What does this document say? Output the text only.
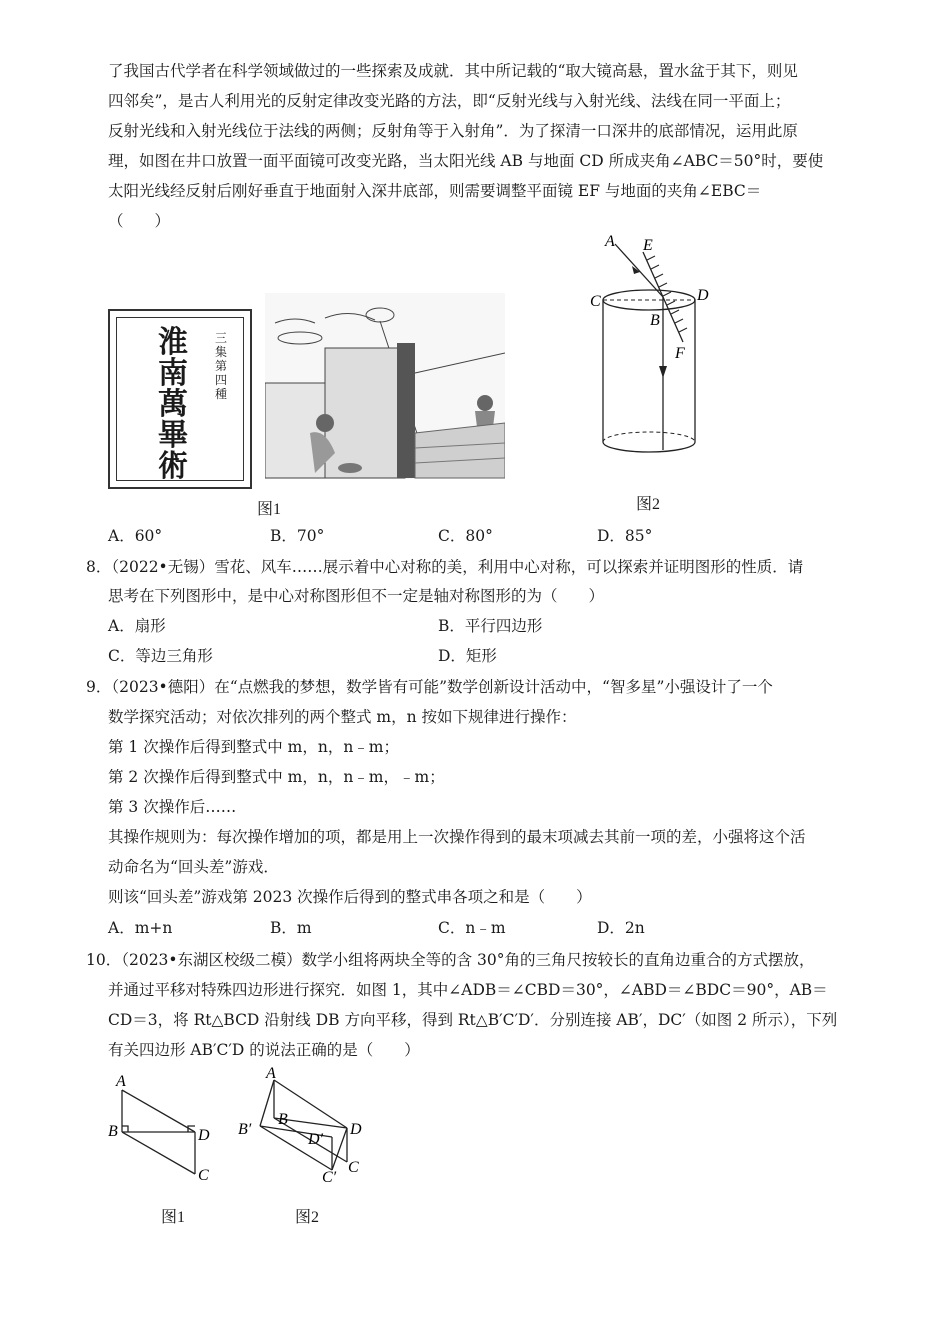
了我国古代学者在科学领域做过的一些探索及成就．其中所记载的“取大镜高悬，置水盆于其下，则见
四邻矣”，是古人利用光的反射定律改变光路的方法，即“反射光线与入射光线、法线在同一平面上；
反射光线和入射光线位于法线的两侧；反射角等于入射角”．为了探清一口深井的底部情况，运用此原
理，如图在井口放置一面平面镜可改变光路，当太阳光线 AB 与地面 CD 所成夹角∠ABC＝50°时，要使
太阳光线经反射后刚好垂直于地面射入深井底部，则需要调整平面镜 EF 与地面的夹角∠EBC＝
（　　）
淮
南
萬
畢
術
三集第四種
图1
A E
C	D
B
F
图2
A．60°	B．70°	C．80°	D．85°
8．（2022•无锡）雪花、风车……展示着中心对称的美，利用中心对称，可以探索并证明图形的性质．请
思考在下列图形中，是中心对称图形但不一定是轴对称图形的为（　　）
A．扇形	B．平行四边形
C．等边三角形	D．矩形
9．（2023•德阳）在“点燃我的梦想，数学皆有可能”数学创新设计活动中，“智多星”小强设计了一个
数学探究活动；对依次排列的两个整式 m，n 按如下规律进行操作：
第 1 次操作后得到整式中 m，n，n﹣m；
第 2 次操作后得到整式中 m，n，n﹣m，﹣m；
第 3 次操作后……
其操作规则为：每次操作增加的项，都是用上一次操作得到的最末项减去其前一项的差，小强将这个活
动命名为“回头差”游戏．
则该“回头差”游戏第 2023 次操作后得到的整式串各项之和是（　　）
A．m+n	B．m	C．n﹣m	D．2n
10．（2023•东湖区校级二模）数学小组将两块全等的含 30°角的三角尺按较长的直角边重合的方式摆放，
并通过平移对特殊四边形进行探究．如图 1，其中∠ADB＝∠CBD＝30°，∠ABD＝∠BDC＝90°，AB＝
CD＝3，将 Rt△BCD 沿射线 DB 方向平移，得到 Rt△B′C′D′．分别连接 AB′，DC′（如图 2 所示），下列
有关四边形 AB′C′D 的说法正确的是（　　）
A
B	D
C
图1
A
B
B′
D′
D
C′
C
图2
